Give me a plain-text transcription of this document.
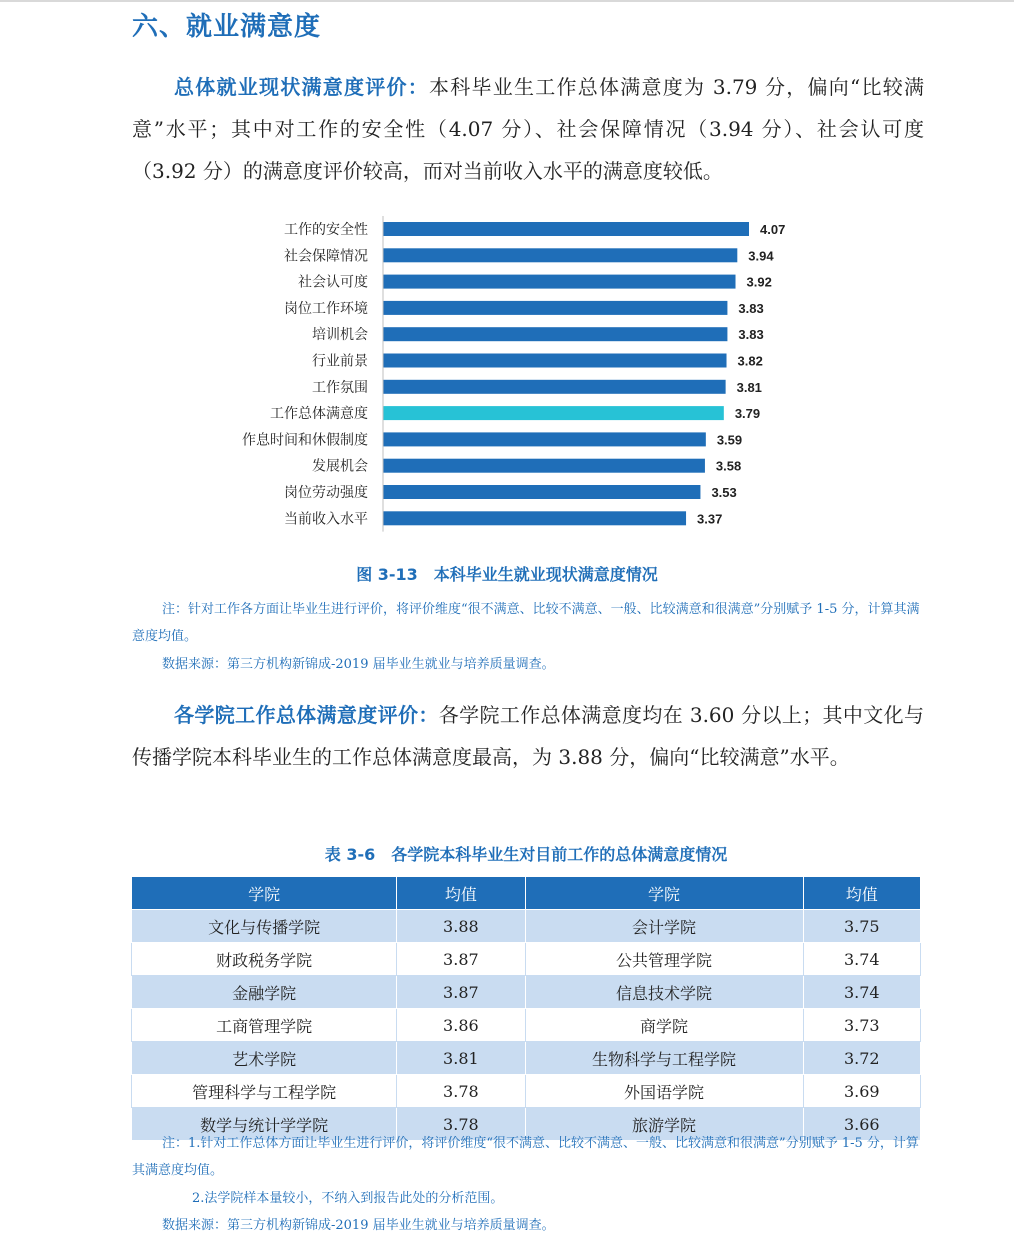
六、就业满意度
总体就业现状满意度评价：本科毕业生工作总体满意度为 3.79 分，偏向“比较满意”水平；其中对工作的安全性（4.07 分）、社会保障情况（3.94 分）、社会认可度（3.92 分）的满意度评价较高，而对当前收入水平的满意度较低。
工作的安全性	4.07
社会保障情况	3.94
社会认可度	3.92
岗位工作环境	3.83
培训机会	3.83
行业前景	3.82
工作氛围	3.81
工作总体满意度	3.79
作息时间和休假制度	3.59
发展机会	3.58
岗位劳动强度	3.53
当前收入水平	3.37
图 3-13　本科毕业生就业现状满意度情况
注：针对工作各方面让毕业生进行评价，将评价维度“很不满意、比较不满意、一般、比较满意和很满意”分别赋予 1-5 分，计算其满意度均值。
数据来源：第三方机构新锦成-2019 届毕业生就业与培养质量调查。
各学院工作总体满意度评价：各学院工作总体满意度均在 3.60 分以上；其中文化与传播学院本科毕业生的工作总体满意度最高，为 3.88 分，偏向“比较满意”水平。
表 3-6　各学院本科毕业生对目前工作的总体满意度情况
学院	均值	学院	均值
文化与传播学院	3.88	会计学院	3.75
财政税务学院	3.87	公共管理学院	3.74
金融学院	3.87	信息技术学院	3.74
工商管理学院	3.86	商学院	3.73
艺术学院	3.81	生物科学与工程学院	3.72
管理科学与工程学院	3.78	外国语学院	3.69
数学与统计学学院	3.78	旅游学院	3.66
注：1.针对工作总体方面让毕业生进行评价，将评价维度“很不满意、比较不满意、一般、比较满意和很满意”分别赋予 1-5 分，计算其满意度均值。
2.法学院样本量较小，不纳入到报告此处的分析范围。
数据来源：第三方机构新锦成-2019 届毕业生就业与培养质量调查。
